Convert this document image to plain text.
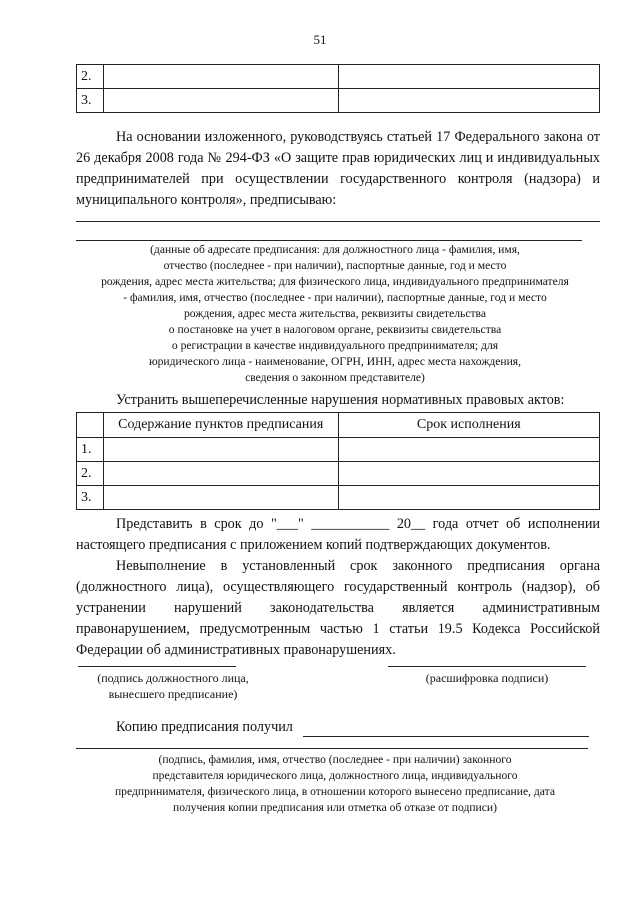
51
2.		
3.		
На основании изложенного, руководствуясь статьей 17 Федерального закона от 26 декабря 2008 года № 294-ФЗ «О защите прав юридических лиц и индивидуальных предпринимателей при осуществлении государственного контроля (надзора) и муниципального контроля», предписываю:
(данные об адресате предписания: для должностного лица - фамилия, имя,
отчество (последнее - при наличии), паспортные данные, год и место
рождения, адрес места жительства; для физического лица, индивидуального предпринимателя
- фамилия, имя, отчество (последнее - при наличии), паспортные данные, год и место
рождения, адрес места жительства, реквизиты свидетельства
о постановке на учет в налоговом органе, реквизиты свидетельства
о регистрации в качестве индивидуального предпринимателя; для
юридического лица - наименование, ОГРН, ИНН, адрес места нахождения,
сведения о законном представителе)
Устранить вышеперечисленные нарушения нормативных правовых актов:
	Содержание пунктов предписания	Срок исполнения
1.		
2.		
3.		
Представить в срок до "___" ___________ 20__ года отчет об исполнении настоящего предписания с приложением копий подтверждающих документов.
Невыполнение в установленный срок законного предписания органа (должностного лица), осуществляющего государственный контроль (надзор), об устранении нарушений законодательства является административным правонарушением, предусмотренным частью 1 статьи 19.5 Кодекса Российской Федерации об административных правонарушениях.
(подпись должностного лица, вынесшего предписание)
(расшифровка подписи)
Копию предписания получил
(подпись, фамилия, имя, отчество (последнее - при наличии) законного
представителя юридического лица, должностного лица, индивидуального
предпринимателя, физического лица, в отношении которого вынесено предписание, дата
получения копии предписания или отметка об отказе от подписи)
